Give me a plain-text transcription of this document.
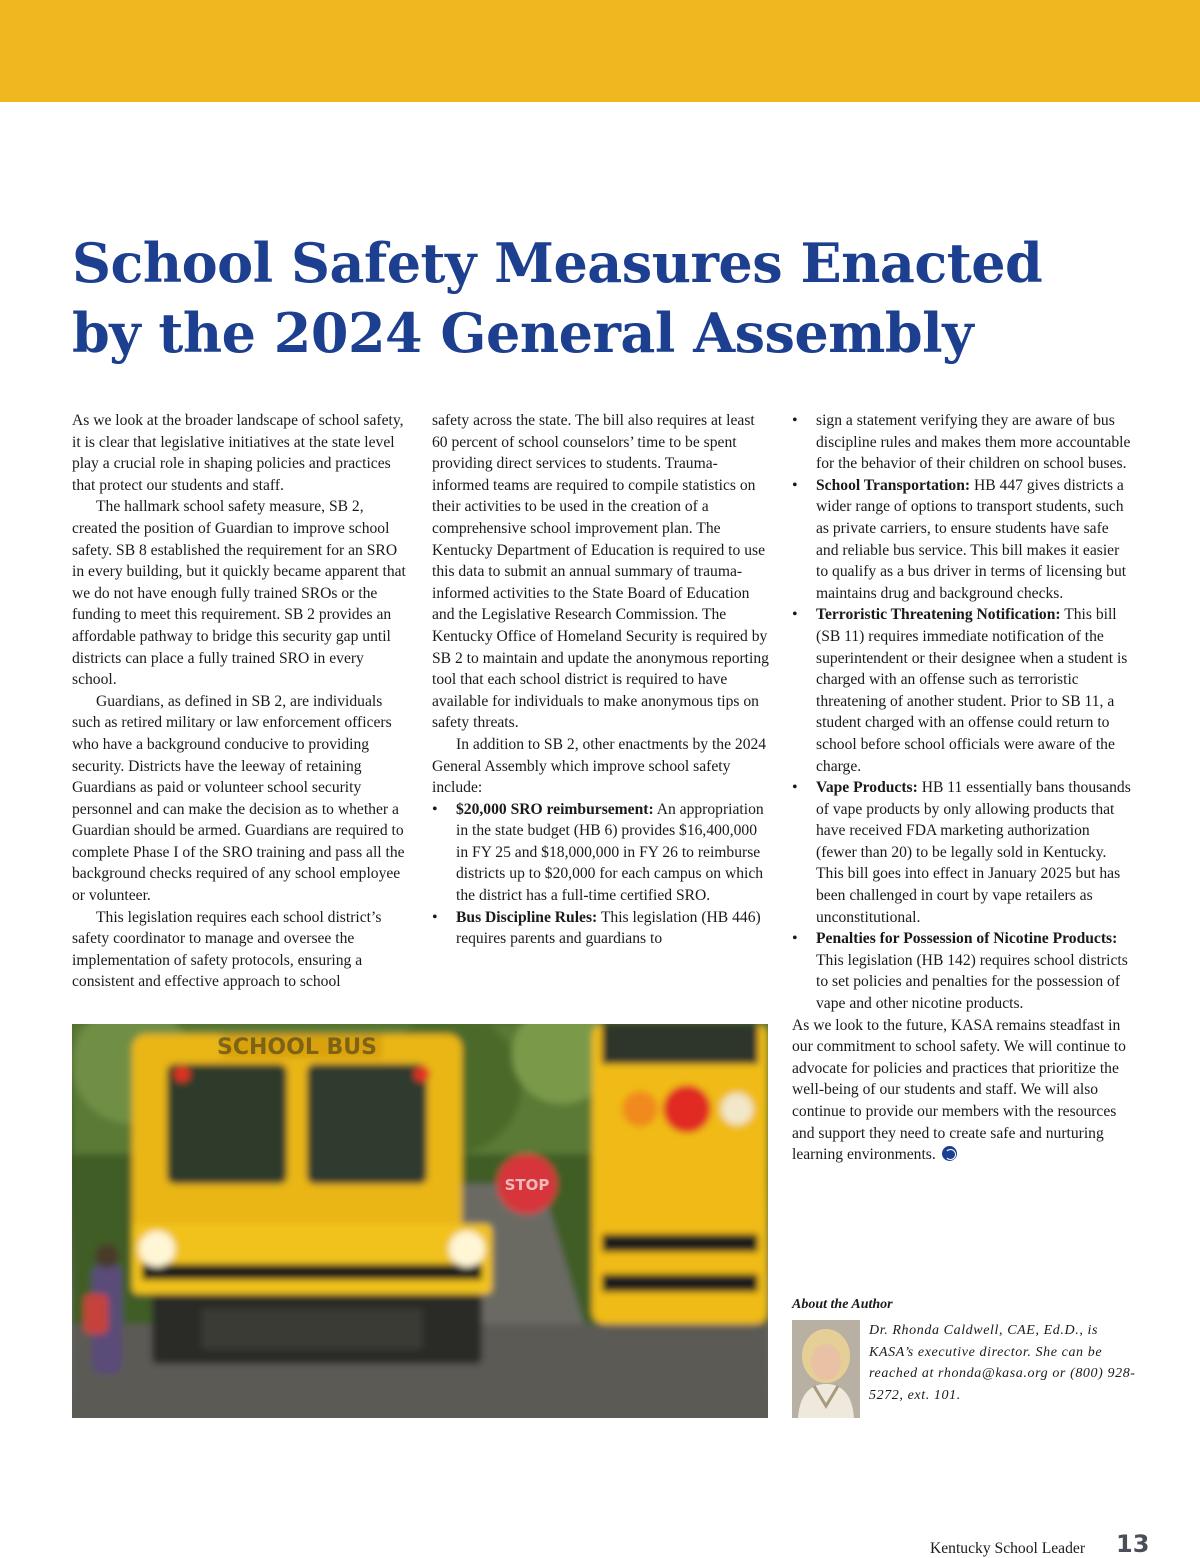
School Safety Measures Enacted
by the 2024 General Assembly

As we look at the broader landscape of school safety, it is clear that legislative initiatives at the state level play a crucial role in shaping policies and practices that protect our students and staff.

The hallmark school safety measure, SB 2, created the position of Guardian to improve school safety. SB 8 established the requirement for an SRO in every building, but it quickly became apparent that we do not have enough fully trained SROs or the funding to meet this requirement. SB 2 provides an affordable pathway to bridge this security gap until districts can place a fully trained SRO in every school.

Guardians, as defined in SB 2, are individuals such as retired military or law enforcement officers who have a background conducive to providing security. Districts have the leeway of retaining Guardians as paid or volunteer school security personnel and can make the decision as to whether a Guardian should be armed. Guardians are required to complete Phase I of the SRO training and pass all the background checks required of any school employee or volunteer.

This legislation requires each school district’s safety coordinator to manage and oversee the implementation of safety protocols, ensuring a consistent and effective approach to school

safety across the state. The bill also requires at least 60 percent of school counselors’ time to be spent providing direct services to students. Trauma-informed teams are required to compile statistics on their activities to be used in the creation of a comprehensive school improvement plan. The Kentucky Department of Education is required to use this data to submit an annual summary of trauma-informed activities to the State Board of Education and the Legislative Research Commission. The Kentucky Office of Homeland Security is required by SB 2 to maintain and update the anonymous reporting tool that each school district is required to have available for individuals to make anonymous tips on safety threats.

In addition to SB 2, other enactments by the 2024 General Assembly which improve school safety include:

• $20,000 SRO reimbursement: An appropriation in the state budget (HB 6) provides $16,400,000 in FY 25 and $18,000,000 in FY 26 to reimburse districts up to $20,000 for each campus on which the district has a full-time certified SRO.
• Bus Discipline Rules: This legislation (HB 446) requires parents and guardians to
• sign a statement verifying they are aware of bus discipline rules and makes them more accountable for the behavior of their children on school buses.
• School Transportation: HB 447 gives districts a wider range of options to transport students, such as private carriers, to ensure students have safe and reliable bus service. This bill makes it easier to qualify as a bus driver in terms of licensing but maintains drug and background checks.
• Terroristic Threatening Notification: This bill (SB 11) requires immediate notification of the superintendent or their designee when a student is charged with an offense such as terroristic threatening of another student. Prior to SB 11, a student charged with an offense could return to school before school officials were aware of the charge.
• Vape Products: HB 11 essentially bans thousands of vape products by only allowing products that have received FDA marketing authorization (fewer than 20) to be legally sold in Kentucky. This bill goes into effect in January 2025 but has been challenged in court by vape retailers as unconstitutional.
• Penalties for Possession of Nicotine Products: This legislation (HB 142) requires school districts to set policies and penalties for the possession of vape and other nicotine products.

As we look to the future, KASA remains steadfast in our commitment to school safety. We will continue to advocate for policies and practices that prioritize the well-being of our students and staff. We will also continue to provide our members with the resources and support they need to create safe and nurturing learning environments.

SCHOOL BUS
STOP
About the Author
Dr. Rhonda Caldwell, CAE, Ed.D., is KASA’s executive director. She can be reached at rhonda@kasa.org or (800) 928-5272, ext. 101.
Kentucky School Leader 13
